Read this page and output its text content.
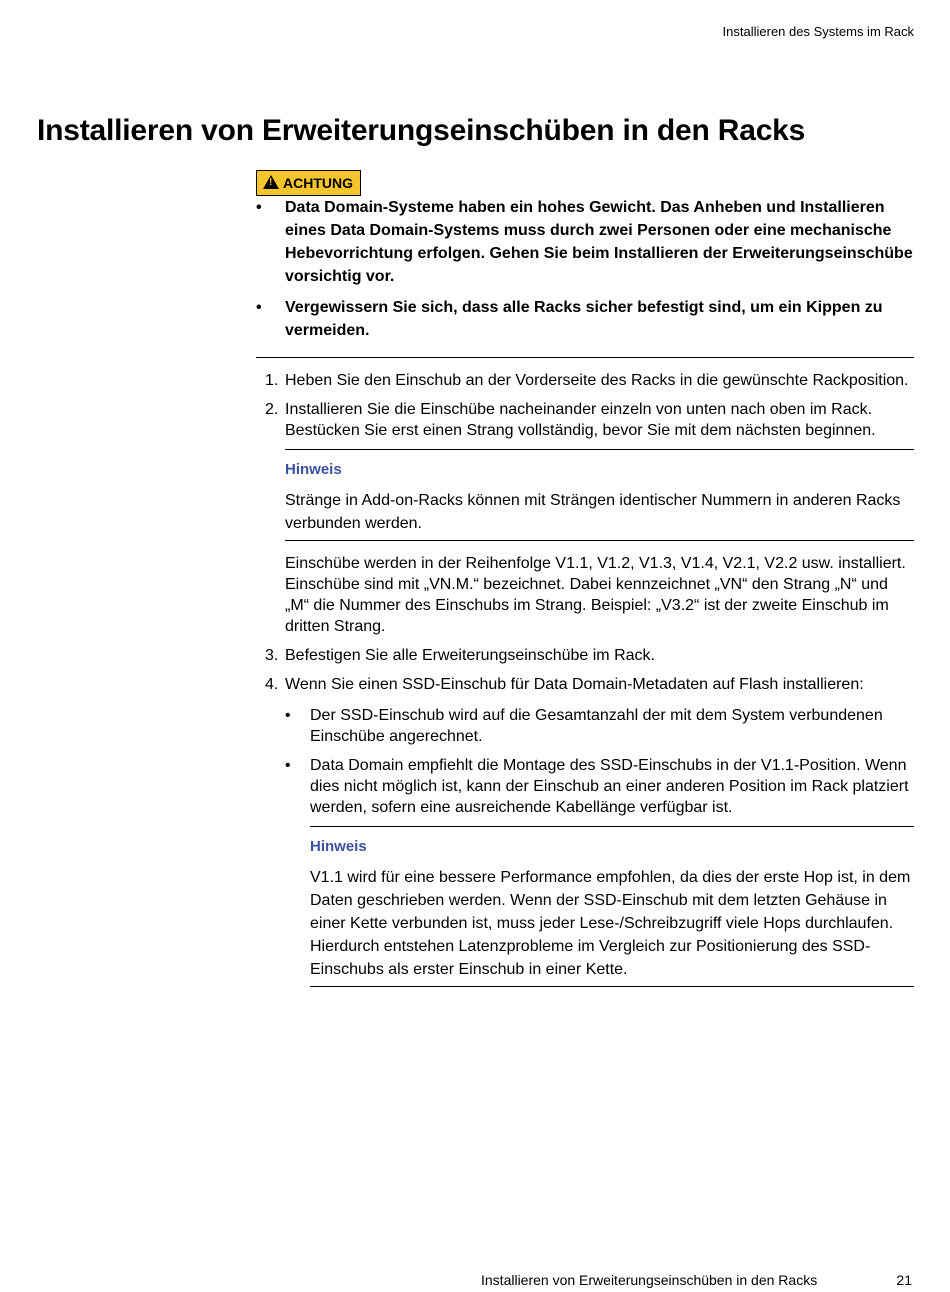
Installieren des Systems im Rack
Installieren von Erweiterungseinschüben in den Racks
!
ACHTUNG
• Data Domain-Systeme haben ein hohes Gewicht. Das Anheben und Installieren eines Data Domain-Systems muss durch zwei Personen oder eine mechanische Hebevorrichtung erfolgen. Gehen Sie beim Installieren der Erweiterungseinschübe vorsichtig vor.
• Vergewissern Sie sich, dass alle Racks sicher befestigt sind, um ein Kippen zu vermeiden.
1. Heben Sie den Einschub an der Vorderseite des Racks in die gewünschte Rackposition.
2. Installieren Sie die Einschübe nacheinander einzeln von unten nach oben im Rack. Bestücken Sie erst einen Strang vollständig, bevor Sie mit dem nächsten beginnen.
Hinweis
Stränge in Add-on-Racks können mit Strängen identischer Nummern in anderen Racks verbunden werden.
Einschübe werden in der Reihenfolge V1.1, V1.2, V1.3, V1.4, V2.1, V2.2 usw. installiert. Einschübe sind mit „VN.M.“ bezeichnet. Dabei kennzeichnet „VN“ den Strang „N“ und „M“ die Nummer des Einschubs im Strang. Beispiel: „V3.2“ ist der zweite Einschub im dritten Strang.
3. Befestigen Sie alle Erweiterungseinschübe im Rack.
4. Wenn Sie einen SSD-Einschub für Data Domain-Metadaten auf Flash installieren:
• Der SSD-Einschub wird auf die Gesamtanzahl der mit dem System verbundenen Einschübe angerechnet.
• Data Domain empfiehlt die Montage des SSD-Einschubs in der V1.1-Position. Wenn dies nicht möglich ist, kann der Einschub an einer anderen Position im Rack platziert werden, sofern eine ausreichende Kabellänge verfügbar ist.
Hinweis
V1.1 wird für eine bessere Performance empfohlen, da dies der erste Hop ist, in dem Daten geschrieben werden. Wenn der SSD-Einschub mit dem letzten Gehäuse in einer Kette verbunden ist, muss jeder Lese-/Schreibzugriff viele Hops durchlaufen. Hierdurch entstehen Latenzprobleme im Vergleich zur Positionierung des SSD-Einschubs als erster Einschub in einer Kette.
Installieren von Erweiterungseinschüben in den Racks	21
